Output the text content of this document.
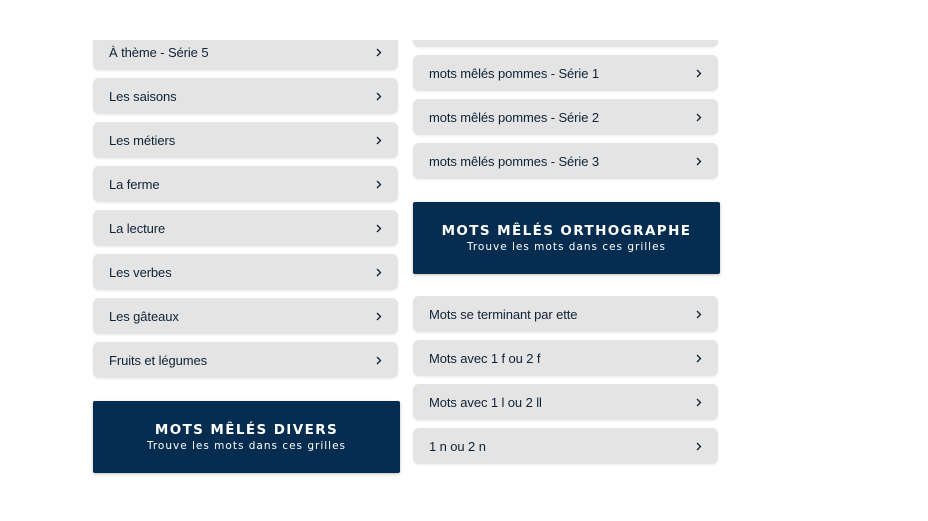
À thème - Série 5
Les saisons
Les métiers
La ferme
La lecture
Les verbes
Les gâteaux
Fruits et légumes
MOTS MÊLÉS DIVERS
Trouve les mots dans ces grilles
mots mêlés pommes - Série 1
mots mêlés pommes - Série 2
mots mêlés pommes - Série 3
MOTS MÊLÉS ORTHOGRAPHE
Trouve les mots dans ces grilles
Mots se terminant par ette
Mots avec 1 f ou 2 f
Mots avec 1 l ou 2 ll
1 n ou 2 n
